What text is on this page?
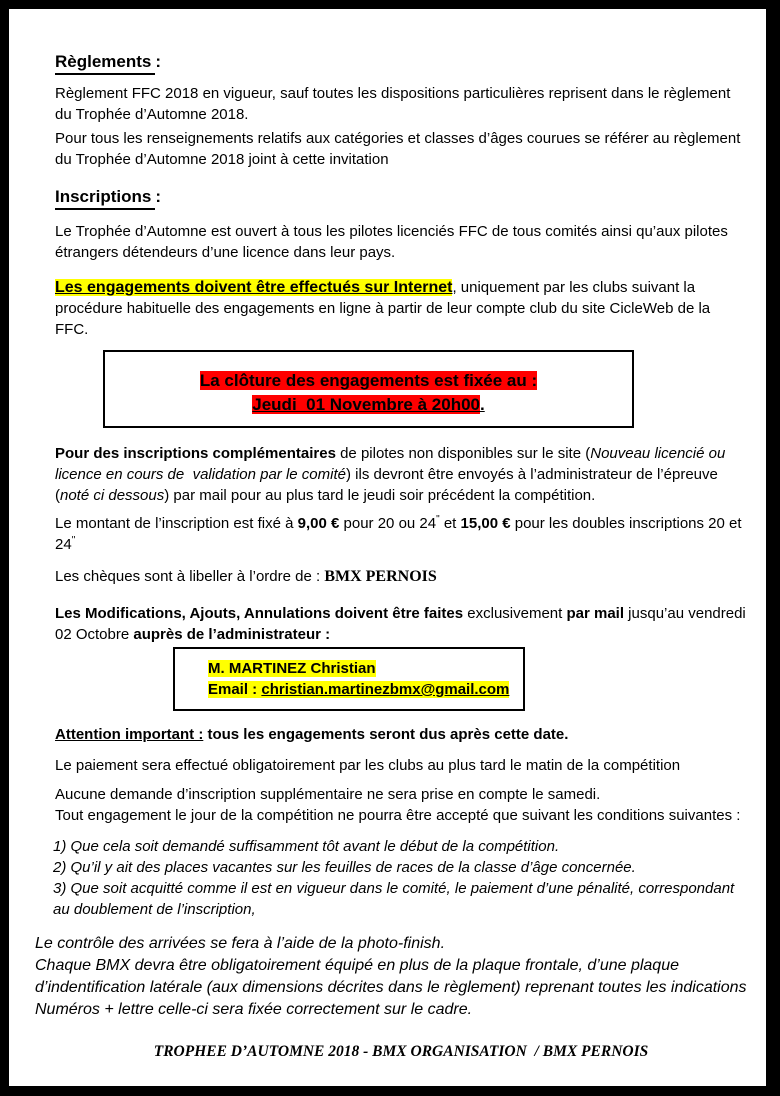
Règlements:

Règlement FFC 2018 en vigueur, sauf toutes les dispositions particulières reprisent dans le règlement du Trophée d’Automne 2018.

Pour tous les renseignements relatifs aux catégories et classes d’âges courues se référer au règlement du Trophée d’Automne 2018 joint à cette invitation

Inscriptions:

Le Trophée d’Automne est ouvert à tous les pilotes licenciés FFC de tous comités ainsi qu’aux pilotes étrangers détendeurs d’une licence dans leur pays.

Les engagements doivent être effectués sur Internet, uniquement par les clubs suivant la procédure habituelle des engagements en ligne à partir de leur compte club du site CicleWeb de la FFC.

La clôture des engagements est fixée au :
Jeudi  01 Novembre à 20h00.

Pour des inscriptions complémentaires de pilotes non disponibles sur le site (Nouveau licencié ou licence en cours de  validation par le comité) ils devront être envoyés à l’administrateur de l’épreuve (noté ci dessous) par mail pour au plus tard le jeudi soir précédent la compétition.

Le montant de l’inscription est fixé à 9,00 € pour 20 ou 24" et 15,00 € pour les doubles inscriptions 20 et 24"

Les chèques sont à libeller à l’ordre de : BMX PERNOIS

Les Modifications, Ajouts, Annulations doivent être faites exclusivement par mail jusqu’au vendredi 02 Octobre auprès de l’administrateur :

M. MARTINEZ Christian
Email : christian.martinezbmx@gmail.com

Attention important : tous les engagements seront dus après cette date.

Le paiement sera effectué obligatoirement par les clubs au plus tard le matin de la compétition

Aucune demande d’inscription supplémentaire ne sera prise en compte le samedi.

Tout engagement le jour de la compétition ne pourra être accepté que suivant les conditions suivantes :

1) Que cela soit demandé suffisamment tôt avant le début de la compétition.

2) Qu’il y ait des places vacantes sur les feuilles de races de la classe d’âge concernée.

3) Que soit acquitté comme il est en vigueur dans le comité, le paiement d’une pénalité, correspondant au doublement de l’inscription,

Le contrôle des arrivées se fera à l’aide de la photo-finish.

Chaque BMX devra être obligatoirement équipé en plus de la plaque frontale, d’une plaque d’indentification latérale (aux dimensions décrites dans le règlement) reprenant toutes les indications Numéros + lettre celle-ci sera fixée correctement sur le cadre.

TROPHEE D’AUTOMNE 2018 - BMX ORGANISATION  / BMX PERNOIS
